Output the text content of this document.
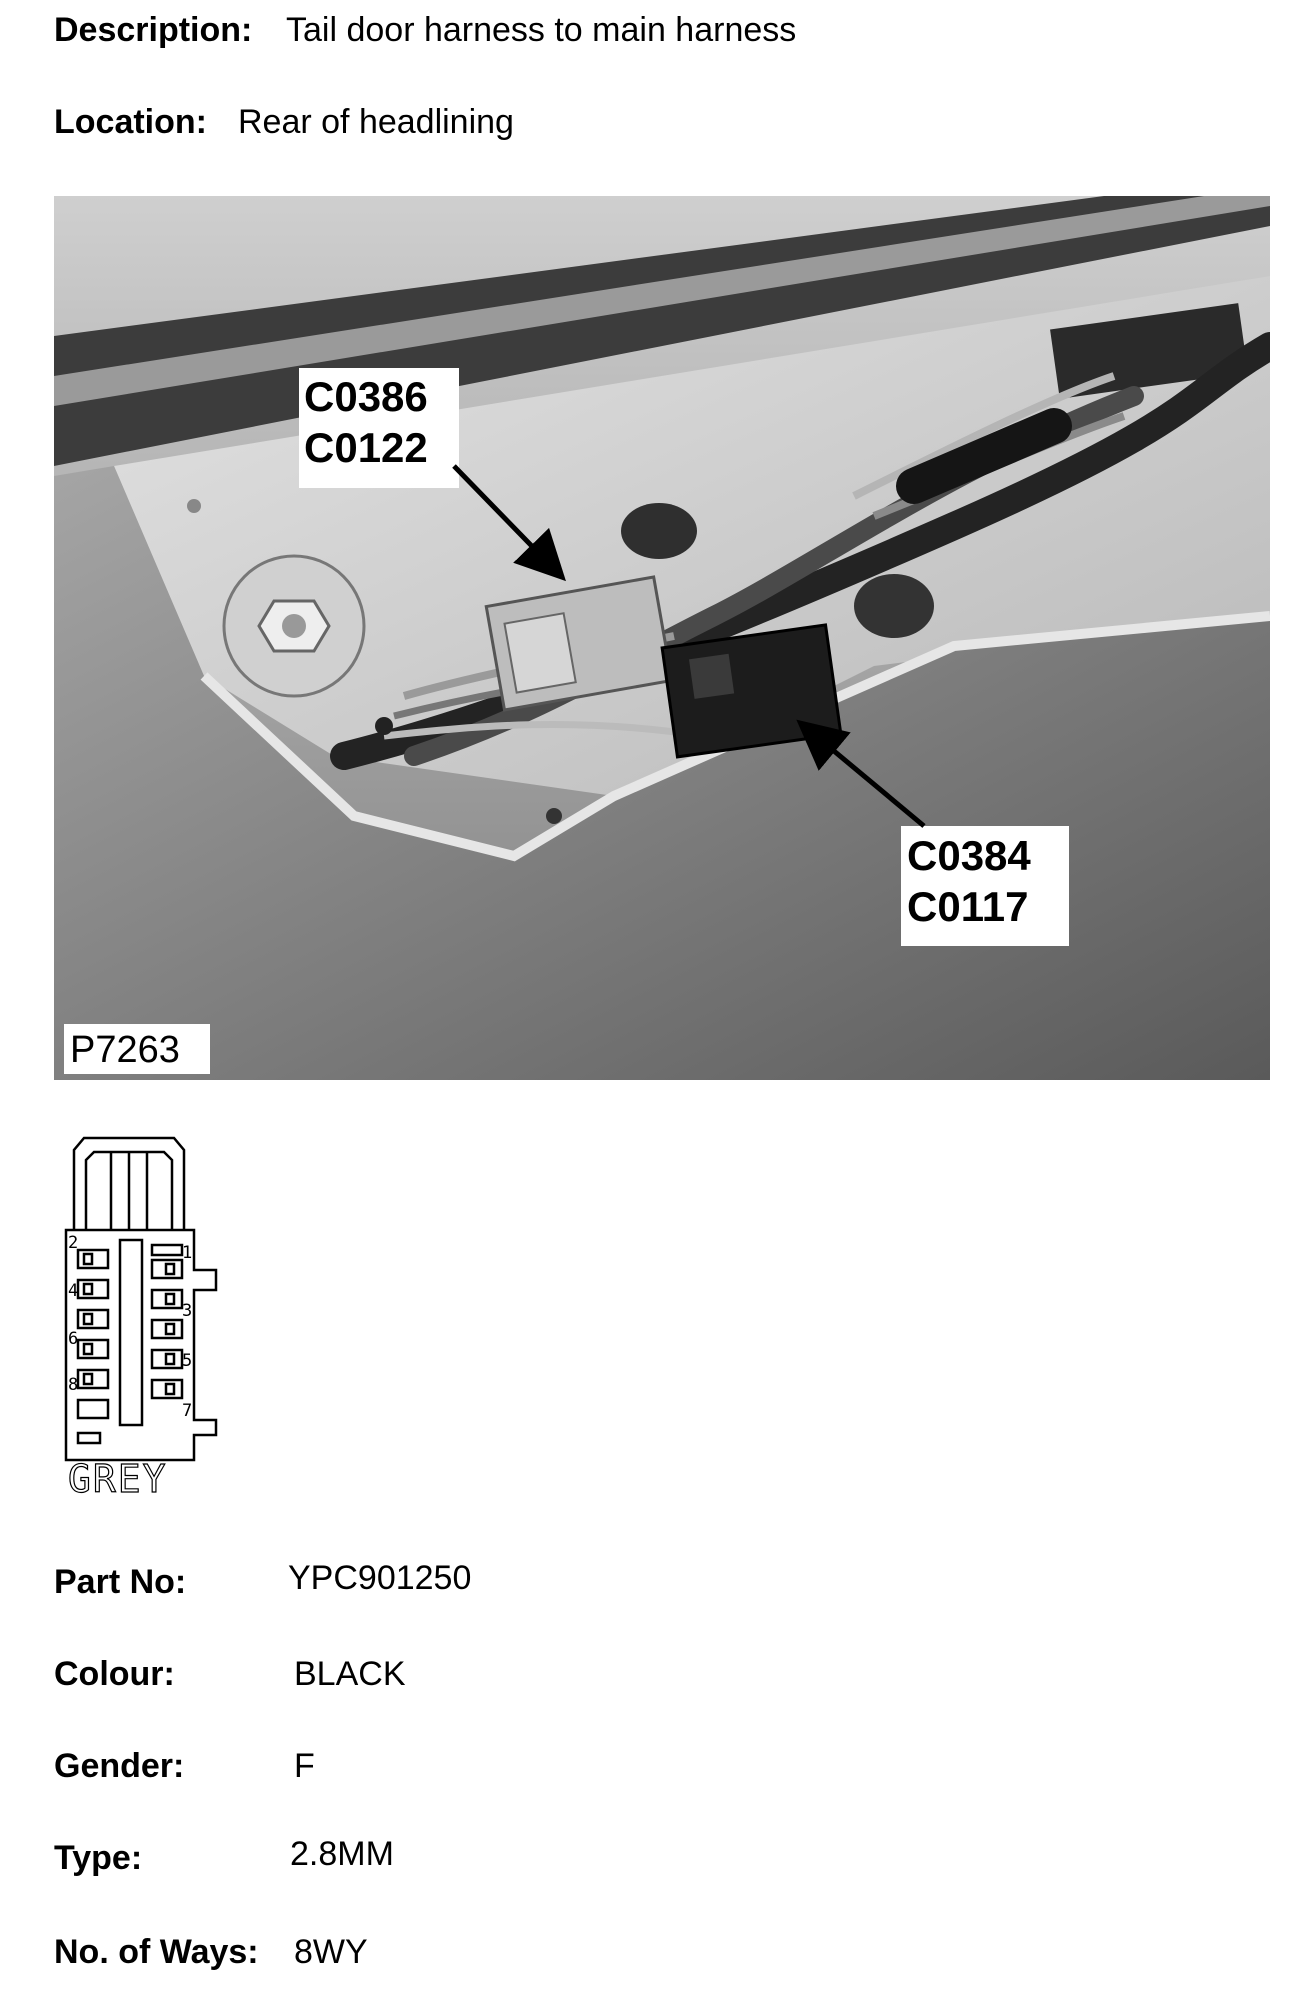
Description: Tail door harness to main harness
Location: Rear of headlining
C0386
C0122
C0384
C0117
P7263
2
4
6
8
1
3
5
7
GREY
Part No:	YPC901250
Colour:	BLACK
Gender:	F
Type:	2.8MM
No. of Ways: 8WY
